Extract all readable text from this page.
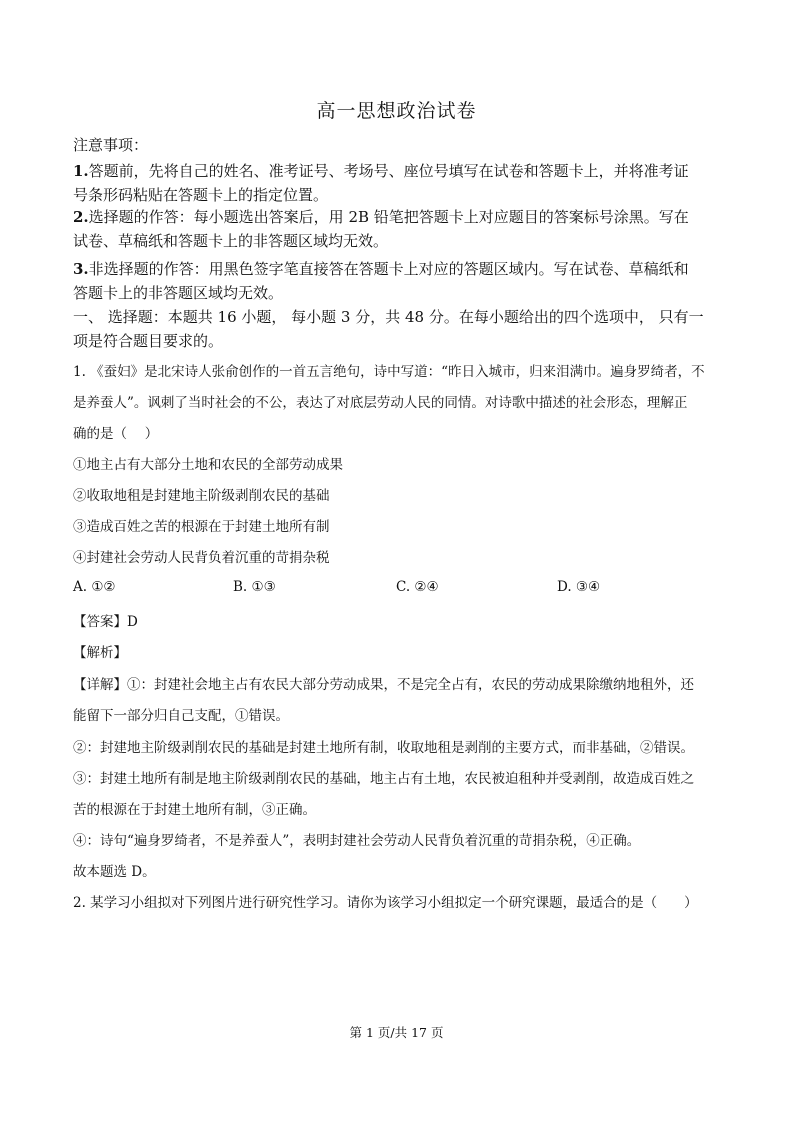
高一思想政治试卷
注意事项：
1.答题前，先将自己的姓名、准考证号、考场号、座位号填写在试卷和答题卡上，并将准考证
号条形码粘贴在答题卡上的指定位置。
2.选择题的作答：每小题选出答案后，用 2B 铅笔把答题卡上对应题目的答案标号涂黑。写在
试卷、草稿纸和答题卡上的非答题区域均无效。
3.非选择题的作答：用黑色签字笔直接答在答题卡上对应的答题区域内。写在试卷、草稿纸和
答题卡上的非答题区域均无效。
一、 选择题：本题共 16 小题， 每小题 3 分，共 48 分。在每小题给出的四个选项中， 只有一
项是符合题目要求的。
1. 《蚕妇》是北宋诗人张俞创作的一首五言绝句，诗中写道：“昨日入城市，归来泪满巾。遍身罗绮者，不
是养蚕人”。讽刺了当时社会的不公，表达了对底层劳动人民的同情。对诗歌中描述的社会形态，理解正
确的是（　 ）
①地主占有大部分土地和农民的全部劳动成果
②收取地租是封建地主阶级剥削农民的基础
③造成百姓之苦的根源在于封建土地所有制
④封建社会劳动人民背负着沉重的苛捐杂税
A. ①②	B. ①③	C. ②④	D. ③④
【答案】D
【解析】
【详解】①：封建社会地主占有农民大部分劳动成果，不是完全占有，农民的劳动成果除缴纳地租外，还
能留下一部分归自己支配，①错误。
②：封建地主阶级剥削农民的基础是封建土地所有制，收取地租是剥削的主要方式，而非基础，②错误。
③：封建土地所有制是地主阶级剥削农民的基础，地主占有土地，农民被迫租种并受剥削，故造成百姓之
苦的根源在于封建土地所有制，③正确。
④：诗句“遍身罗绮者，不是养蚕人”，表明封建社会劳动人民背负着沉重的苛捐杂税，④正确。
故本题选 D。
2. 某学习小组拟对下列图片进行研究性学习。请你为该学习小组拟定一个研究课题，最适合的是（　　）
第 1 页/共 17 页
